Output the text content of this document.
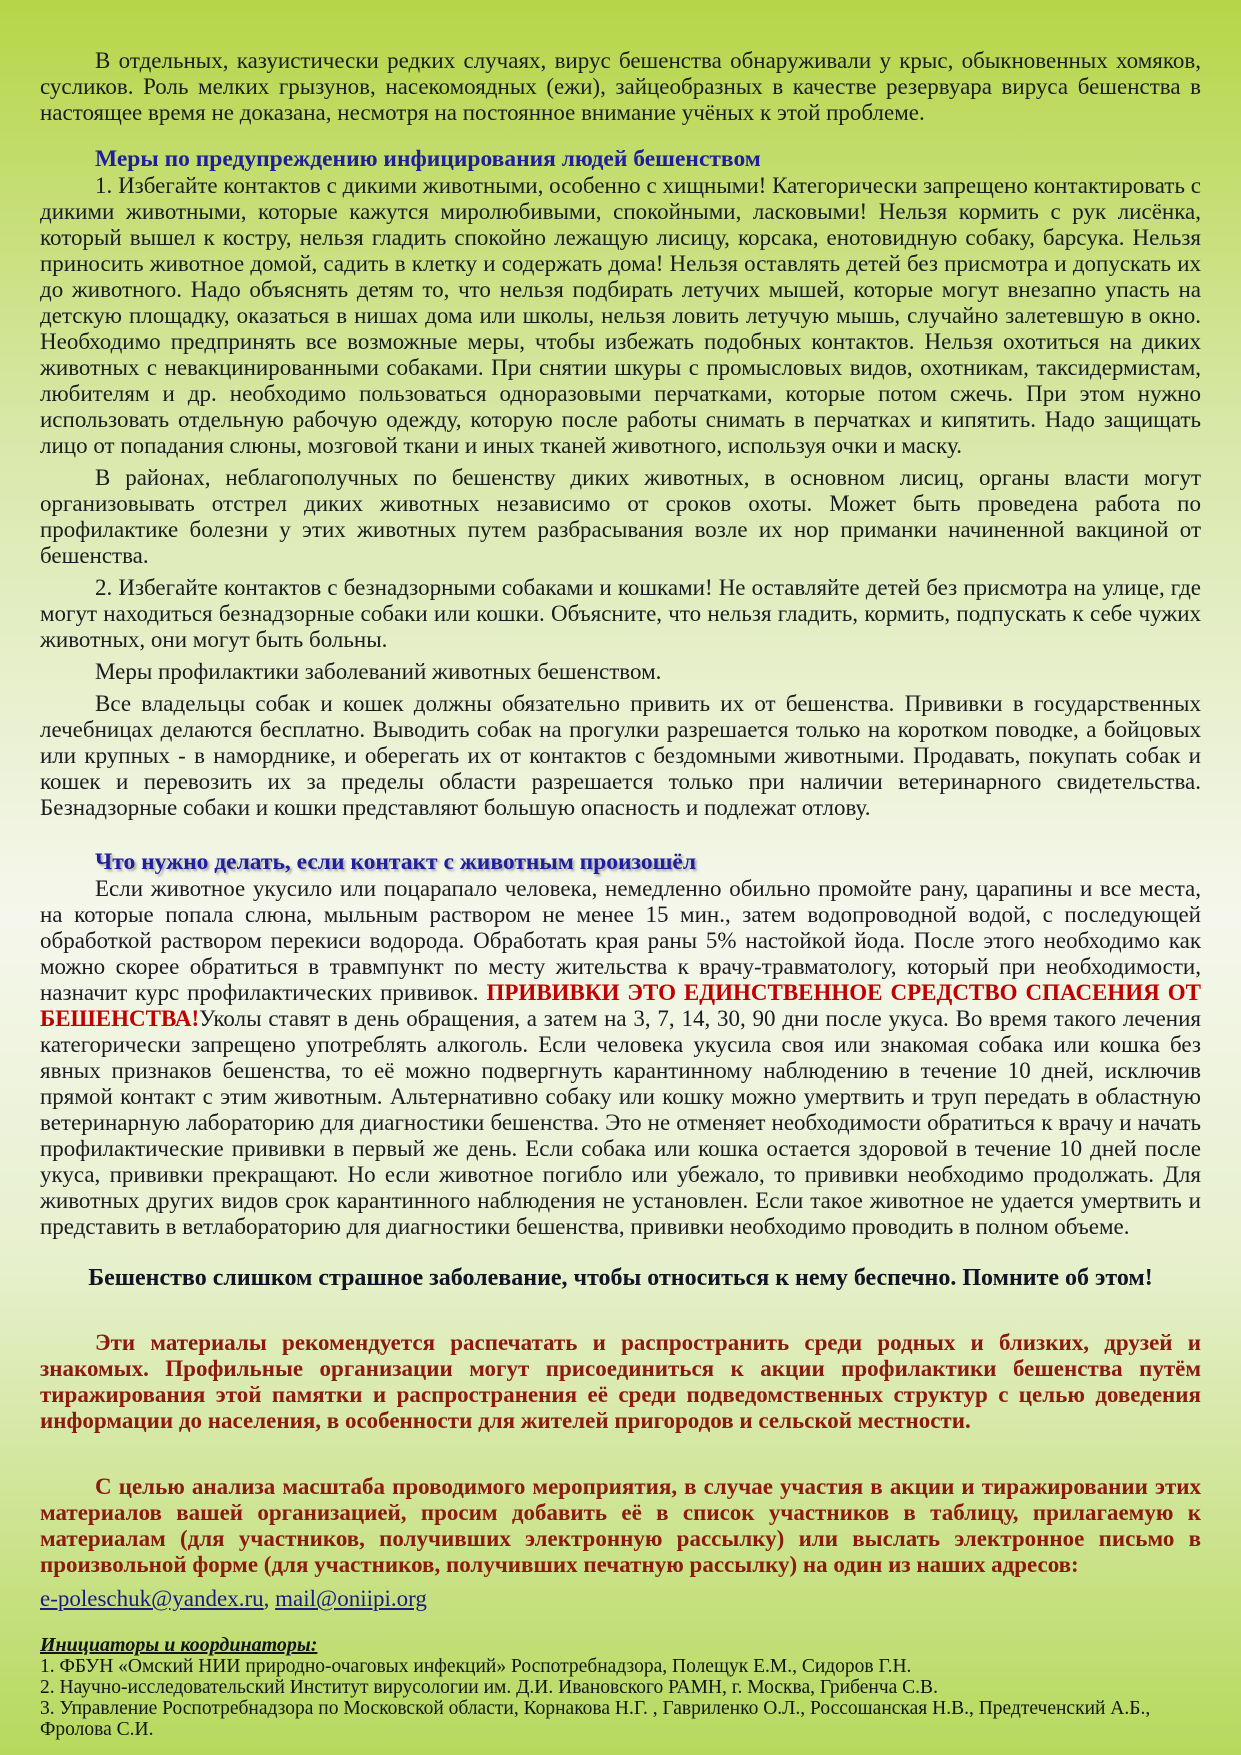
В отдельных, казуистически редких случаях, вирус бешенства обнаруживали у крыс, обыкновенных хомяков, сусликов. Роль мелких грызунов, насекомоядных (ежи), зайцеобразных в качестве резервуара вируса бешенства в настоящее время не доказана, несмотря на постоянное внимание учёных к этой проблеме.

Меры по предупреждению инфицирования людей бешенством

1. Избегайте контактов с дикими животными, особенно с хищными! Категорически запрещено контактировать с дикими животными, которые кажутся миролюбивыми, спокойными, ласковыми! Нельзя кормить с рук лисёнка, который вышел к костру, нельзя гладить спокойно лежащую лисицу, корсака, енотовидную собаку, барсука. Нельзя приносить животное домой, садить в клетку и содержать дома! Нельзя оставлять детей без присмотра и допускать их до животного. Надо объяснять детям то, что нельзя подбирать летучих мышей, которые могут внезапно упасть на детскую площадку, оказаться в нишах дома или школы, нельзя ловить летучую мышь, случайно залетевшую в окно. Необходимо предпринять все возможные меры, чтобы избежать подобных контактов. Нельзя охотиться на диких животных с невакцинированными собаками. При снятии шкуры с промысловых видов, охотникам, таксидермистам, любителям и др. необходимо пользоваться одноразовыми перчатками, которые потом сжечь. При этом нужно использовать отдельную рабочую одежду, которую после работы снимать в перчатках и кипятить. Надо защищать лицо от попадания слюны, мозговой ткани и иных тканей животного, используя очки и маску.

В районах, неблагополучных по бешенству диких животных, в основном лисиц, органы власти могут организовывать отстрел диких животных независимо от сроков охоты. Может быть проведена работа по профилактике болезни у этих животных путем разбрасывания возле их нор приманки начиненной вакциной от бешенства.

2. Избегайте контактов с безнадзорными собаками и кошками! Не оставляйте детей без присмотра на улице, где могут находиться безнадзорные собаки или кошки. Объясните, что нельзя гладить, кормить, подпускать к себе чужих животных, они могут быть больны.

Меры профилактики заболеваний животных бешенством.

Все владельцы собак и кошек должны обязательно привить их от бешенства. Прививки в государственных лечебницах делаются бесплатно. Выводить собак на прогулки разрешается только на коротком поводке, а бойцовых или крупных - в наморднике, и оберегать их от контактов с бездомными животными. Продавать, покупать собак и кошек и перевозить их за пределы области разрешается только при наличии ветеринарного свидетельства. Безнадзорные собаки и кошки представляют большую опасность и подлежат отлову.

Что нужно делать, если контакт с животным произошёл

Если животное укусило или поцарапало человека, немедленно обильно промойте рану, царапины и все места, на которые попала слюна, мыльным раствором не менее 15 мин., затем водопроводной водой, с последующей обработкой раствором перекиси водорода. Обработать края раны 5% настойкой йода. После этого необходимо как можно скорее обратиться в травмпункт по месту жительства к врачу-травматологу, который при необходимости, назначит курс профилактических прививок. ПРИВИВКИ ЭТО ЕДИНСТВЕННОЕ СРЕДСТВО СПАСЕНИЯ ОТ БЕШЕНСТВА!Уколы ставят в день обращения, а затем на 3, 7, 14, 30, 90 дни после укуса. Во время такого лечения категорически запрещено употреблять алкоголь. Если человека укусила своя или знакомая собака или кошка без явных признаков бешенства, то её можно подвергнуть карантинному наблюдению в течение 10 дней, исключив прямой контакт с этим животным. Альтернативно собаку или кошку можно умертвить и труп передать в областную ветеринарную лабораторию для диагностики бешенства. Это не отменяет необходимости обратиться к врачу и начать профилактические прививки в первый же день. Если собака или кошка остается здоровой в течение 10 дней после укуса, прививки прекращают. Но если животное погибло или убежало, то прививки необходимо продолжать. Для животных других видов срок карантинного наблюдения не установлен. Если такое животное не удается умертвить и представить в ветлабораторию для диагностики бешенства, прививки необходимо проводить в полном объеме.

Бешенство слишком страшное заболевание, чтобы относиться к нему беспечно. Помните об этом!

Эти материалы рекомендуется распечатать и распространить среди родных и близких, друзей и знакомых. Профильные организации могут присоединиться к акции профилактики бешенства путём тиражирования этой памятки и распространения её среди подведомственных структур с целью доведения информации до населения, в особенности для жителей пригородов и сельской местности.

С целью анализа масштаба проводимого мероприятия, в случае участия в акции и тиражировании этих материалов вашей организацией, просим добавить её в список участников в таблицу, прилагаемую к материалам (для участников, получивших электронную рассылку) или выслать электронное письмо в произвольной форме (для участников, получивших печатную рассылку) на один из наших адресов:

e-poleschuk@yandex.ru, mail@oniipi.org

Инициаторы и координаторы:

1. ФБУН «Омский НИИ природно-очаговых инфекций» Роспотребнадзора, Полещук Е.М., Сидоров Г.Н.

2. Научно-исследовательский Институт вирусологии им. Д.И. Ивановского РАМН, г. Москва, Грибенча С.В.

3. Управление Роспотребнадзора по Московской области, Корнакова Н.Г. , Гавриленко О.Л., Россошанская Н.В., Предтеченский А.Б., Фролова С.И.
